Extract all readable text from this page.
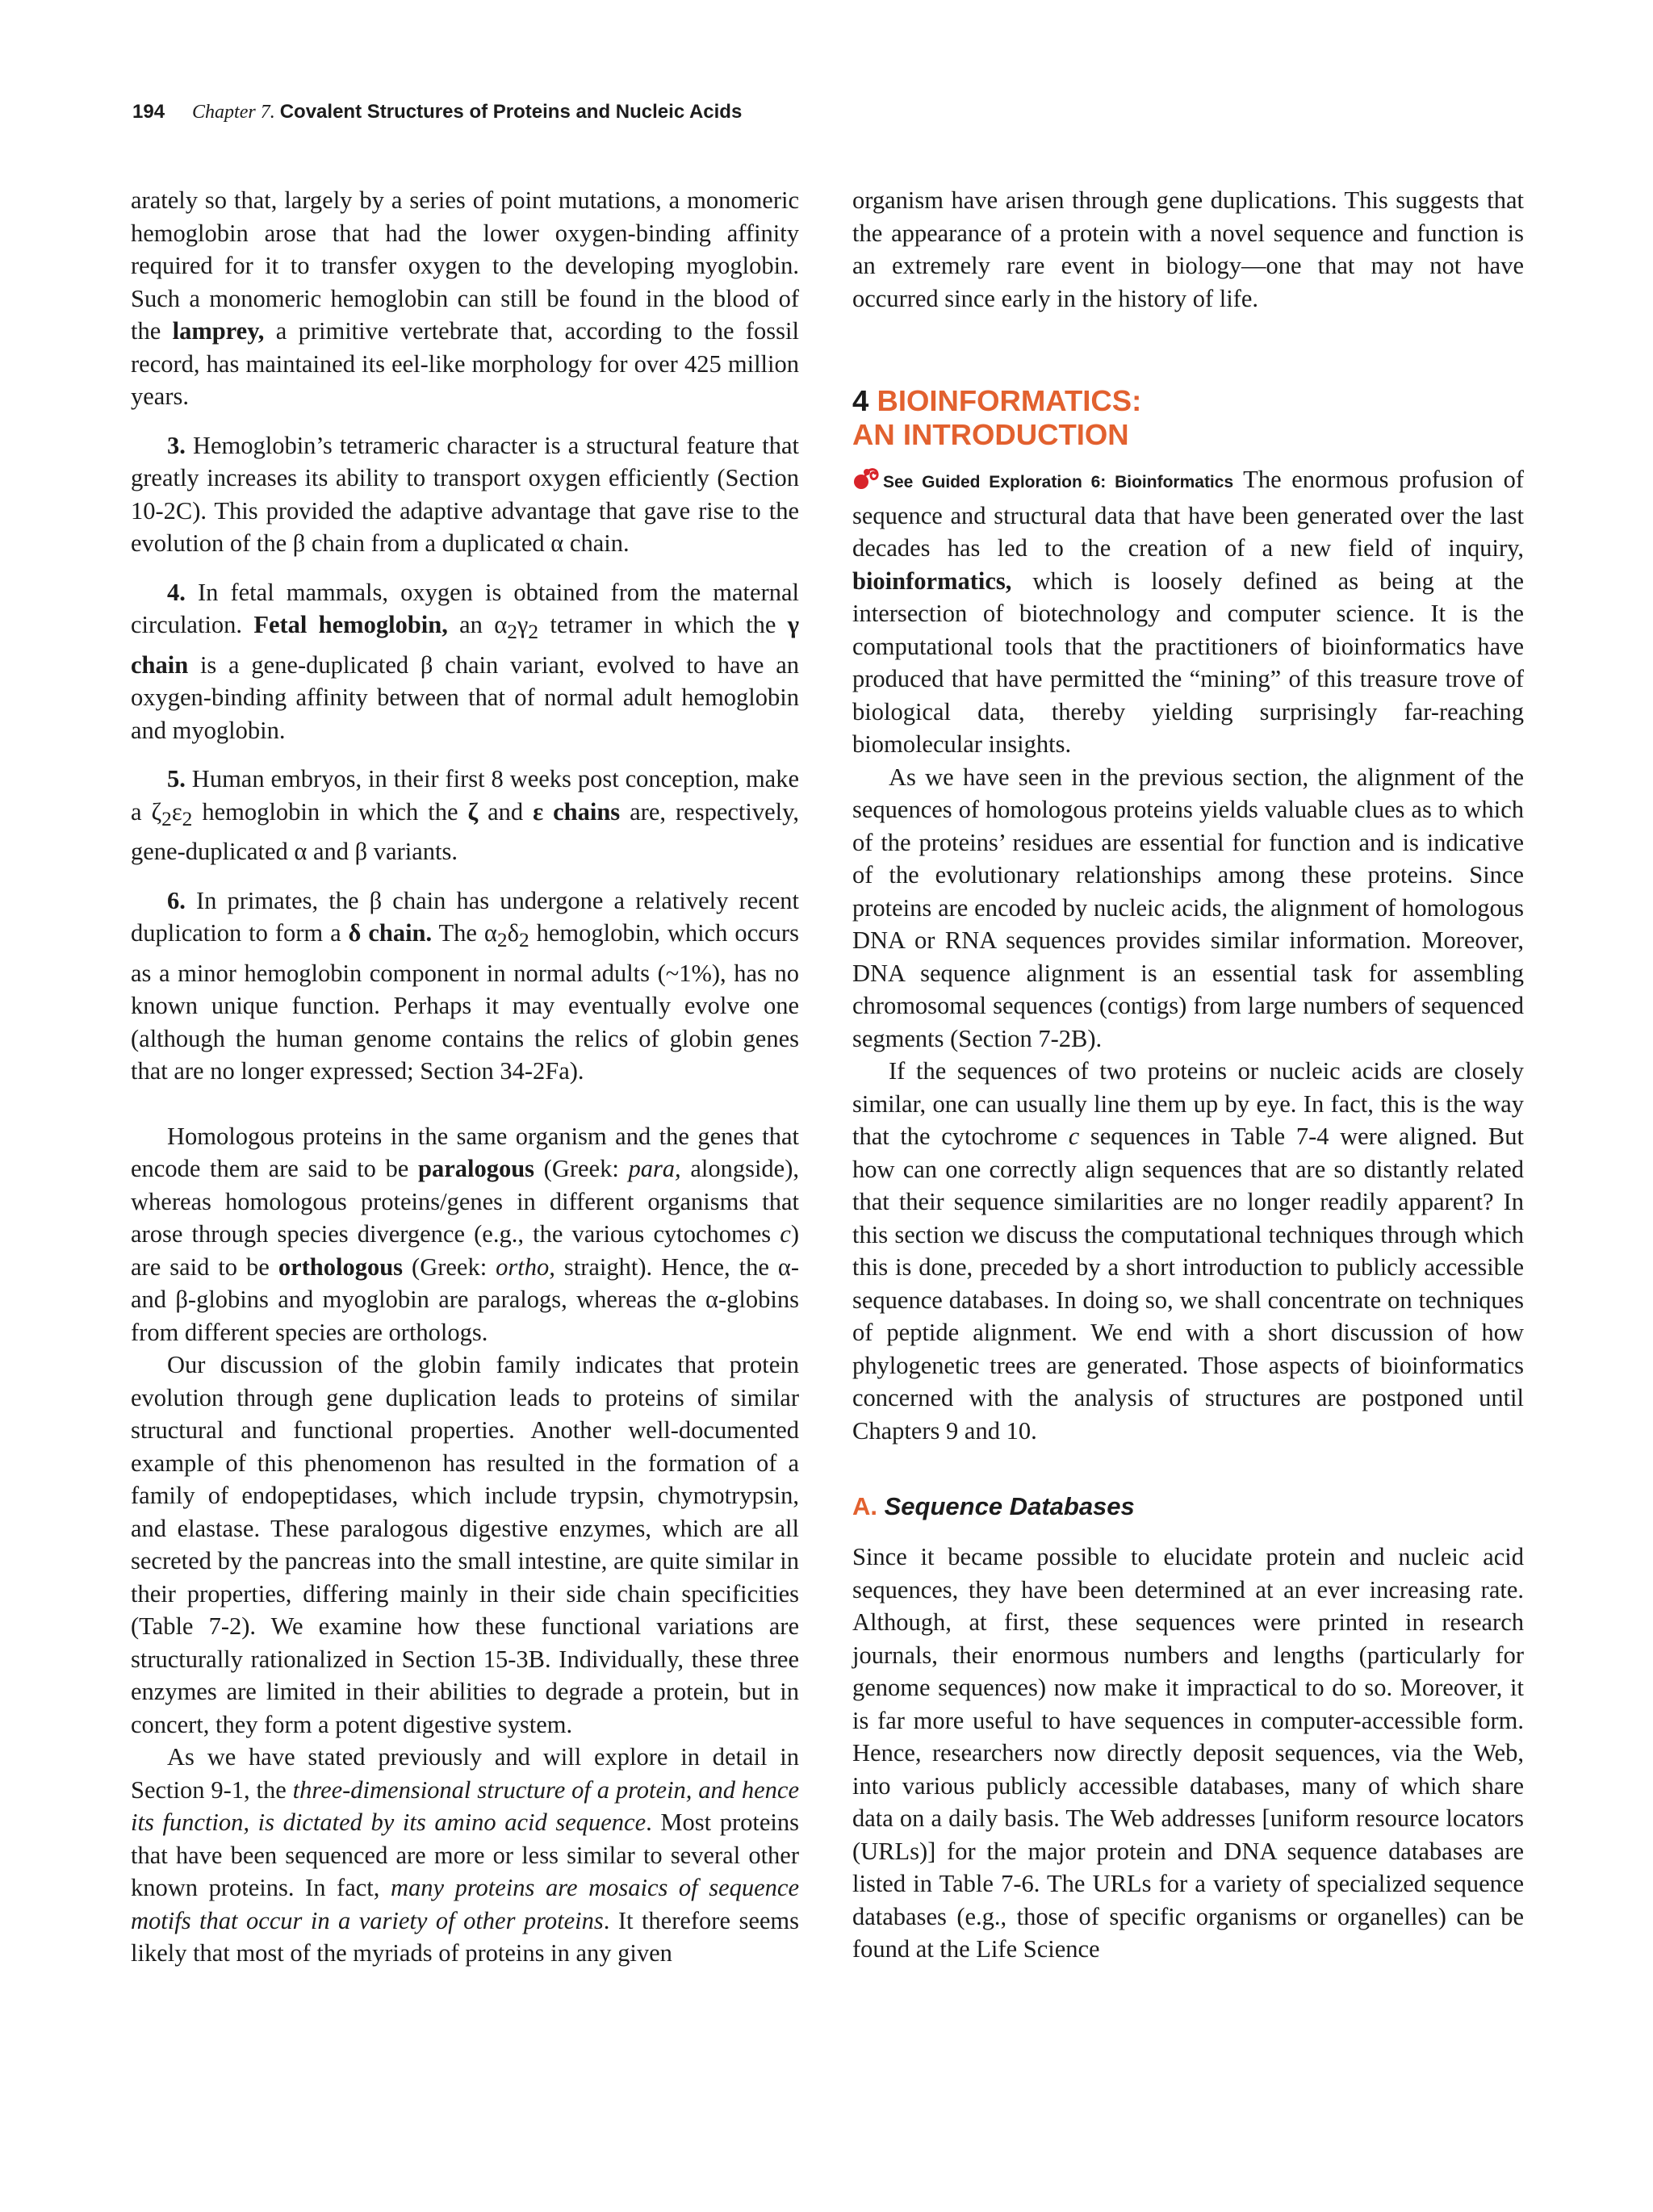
194 Chapter 7. Covalent Structures of Proteins and Nucleic Acids

arately so that, largely by a series of point mutations, a monomeric hemoglobin arose that had the lower oxygen-binding affinity required for it to transfer oxygen to the developing myoglobin. Such a monomeric hemoglobin can still be found in the blood of the lamprey, a primitive vertebrate that, according to the fossil record, has maintained its eel-like morphology for over 425 million years.

3. Hemoglobin’s tetrameric character is a structural feature that greatly increases its ability to transport oxygen efficiently (Section 10-2C). This provided the adaptive advantage that gave rise to the evolution of the β chain from a duplicated α chain.

4. In fetal mammals, oxygen is obtained from the maternal circulation. Fetal hemoglobin, an $\alpha_2\gamma_2$ tetramer in which the γ chain is a gene-duplicated β chain variant, evolved to have an oxygen-binding affinity between that of normal adult hemoglobin and myoglobin.

5. Human embryos, in their first 8 weeks post conception, make a $\zeta_2\varepsilon_2$ hemoglobin in which the ζ and ε chains are, respectively, gene-duplicated α and β variants.

6. In primates, the β chain has undergone a relatively recent duplication to form a δ chain. The $\alpha_2\delta_2$ hemoglobin, which occurs as a minor hemoglobin component in normal adults (~1%), has no known unique function. Perhaps it may eventually evolve one (although the human genome contains the relics of globin genes that are no longer expressed; Section 34-2Fa).

Homologous proteins in the same organism and the genes that encode them are said to be paralogous (Greek: para, alongside), whereas homologous proteins/genes in different organisms that arose through species divergence (e.g., the various cytochomes c) are said to be orthologous (Greek: ortho, straight). Hence, the α- and β-globins and myoglobin are paralogs, whereas the α-globins from different species are orthologs.

Our discussion of the globin family indicates that protein evolution through gene duplication leads to proteins of similar structural and functional properties. Another well-documented example of this phenomenon has resulted in the formation of a family of endopeptidases, which include trypsin, chymotrypsin, and elastase. These paralogous digestive enzymes, which are all secreted by the pancreas into the small intestine, are quite similar in their properties, differing mainly in their side chain specificities (Table 7-2). We examine how these functional variations are structurally rationalized in Section 15-3B. Individually, these three enzymes are limited in their abilities to degrade a protein, but in concert, they form a potent digestive system.

As we have stated previously and will explore in detail in Section 9-1, the three-dimensional structure of a protein, and hence its function, is dictated by its amino acid sequence. Most proteins that have been sequenced are more or less similar to several other known proteins. In fact, many proteins are mosaics of sequence motifs that occur in a variety of other proteins. It therefore seems likely that most of the myriads of proteins in any given

organism have arisen through gene duplications. This suggests that the appearance of a protein with a novel sequence and function is an extremely rare event in biology—one that may not have occurred since early in the history of life.

4 BIOINFORMATICS:
AN INTRODUCTION

See Guided Exploration 6: Bioinformatics The enormous profusion of sequence and structural data that have been generated over the last decades has led to the creation of a new field of inquiry, bioinformatics, which is loosely defined as being at the intersection of biotechnology and computer science. It is the computational tools that the practitioners of bioinformatics have produced that have permitted the “mining” of this treasure trove of biological data, thereby yielding surprisingly far-reaching biomolecular insights.

As we have seen in the previous section, the alignment of the sequences of homologous proteins yields valuable clues as to which of the proteins’ residues are essential for function and is indicative of the evolutionary relationships among these proteins. Since proteins are encoded by nucleic acids, the alignment of homologous DNA or RNA sequences provides similar information. Moreover, DNA sequence alignment is an essential task for assembling chromosomal sequences (contigs) from large numbers of sequenced segments (Section 7-2B).

If the sequences of two proteins or nucleic acids are closely similar, one can usually line them up by eye. In fact, this is the way that the cytochrome c sequences in Table 7-4 were aligned. But how can one correctly align sequences that are so distantly related that their sequence similarities are no longer readily apparent? In this section we discuss the computational techniques through which this is done, preceded by a short introduction to publicly accessible sequence databases. In doing so, we shall concentrate on techniques of peptide alignment. We end with a short discussion of how phylogenetic trees are generated. Those aspects of bioinformatics concerned with the analysis of structures are postponed until Chapters 9 and 10.

A. Sequence Databases

Since it became possible to elucidate protein and nucleic acid sequences, they have been determined at an ever increasing rate. Although, at first, these sequences were printed in research journals, their enormous numbers and lengths (particularly for genome sequences) now make it impractical to do so. Moreover, it is far more useful to have sequences in computer-accessible form. Hence, researchers now directly deposit sequences, via the Web, into various publicly accessible databases, many of which share data on a daily basis. The Web addresses [uniform resource locators (URLs)] for the major protein and DNA sequence databases are listed in Table 7-6. The URLs for a variety of specialized sequence databases (e.g., those of specific organisms or organelles) can be found at the Life Science
